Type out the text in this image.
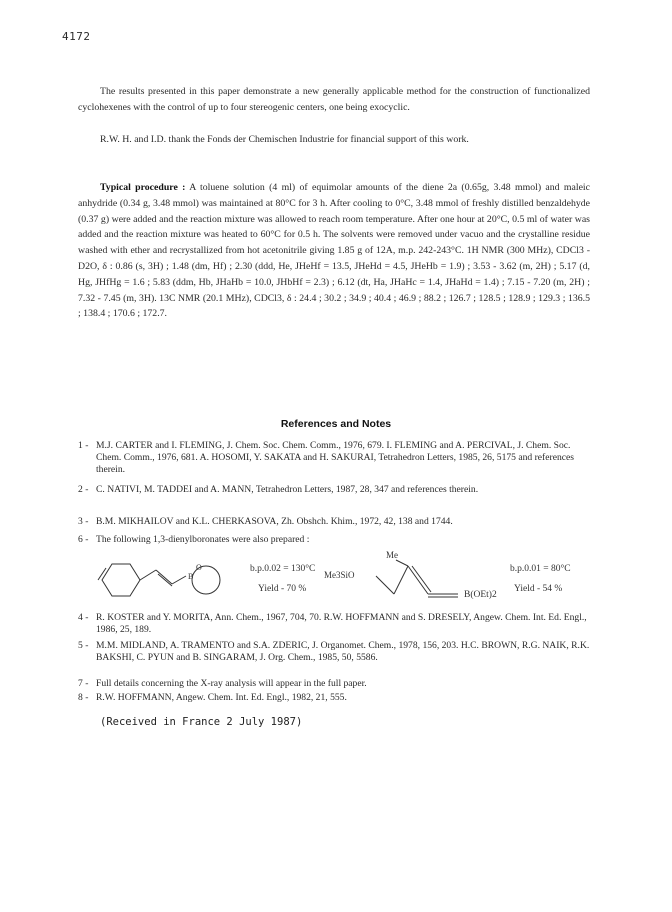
4172

The results presented in this paper demonstrate a new generally applicable method for the construction of functionalized cyclohexenes with the control of up to four stereogenic centers, one being exocyclic.

R.W. H. and I.D. thank the Fonds der Chemischen Industrie for financial support of this work.

Typical procedure : A toluene solution (4 ml) of equimolar amounts of the diene 2a (0.65g, 3.48 mmol) and maleic anhydride (0.34 g, 3.48 mmol) was maintained at 80°C for 3 h. After cooling to 0°C, 3.48 mmol of freshly distilled benzaldehyde (0.37 g) were added and the reaction mixture was allowed to reach room temperature. After one hour at 20°C, 0.5 ml of water was added and the reaction mixture was heated to 60°C for 0.5 h. The solvents were removed under vacuo and the crystalline residue washed with ether and recrystallized from hot acetonitrile giving 1.85 g of 12A, m.p. 242-243°C. 1H NMR (300 MHz), CDCl3 - D2O, δ : 0.86 (s, 3H) ; 1.48 (dm, Hf) ; 2.30 (ddd, He, JHeHf = 13.5, JHeHd = 4.5, JHeHb = 1.9) ; 3.53 - 3.62 (m, 2H) ; 5.17 (d, Hg, JHfHg = 1.6 ; 5.83 (ddm, Hb, JHaHb = 10.0, JHbHf = 2.3) ; 6.12 (dt, Ha, JHaHc = 1.4, JHaHd = 1.4) ; 7.15 - 7.20 (m, 2H) ; 7.32 - 7.45 (m, 3H). 13C NMR (20.1 MHz), CDCl3, δ : 24.4 ; 30.2 ; 34.9 ; 40.4 ; 46.9 ; 88.2 ; 126.7 ; 128.5 ; 128.9 ; 129.3 ; 136.5 ; 138.4 ; 170.6 ; 172.7.

References and Notes
1 - M.J. CARTER and I. FLEMING, J. Chem. Soc. Chem. Comm., 1976, 679. I. FLEMING and A. PERCIVAL, J. Chem. Soc. Chem. Comm., 1976, 681. A. HOSOMI, Y. SAKATA and H. SAKURAI, Tetrahedron Letters, 1985, 26, 5175 and references therein.
2 - C. NATIVI, M. TADDEI and A. MANN, Tetrahedron Letters, 1987, 28, 347 and references therein.
3 - B.M. MIKHAILOV and K.L. CHERKASOVA, Zh. Obshch. Khim., 1972, 42, 138 and 1744.
6 - The following 1,3-dienylboronates were also prepared :
B
O	b.p.0.02 = 130°C
Yield - 70 %
Me
Me3SiO
B(OEt)2
b.p.0.01 = 80°C
Yield - 54 %
4 - R. KOSTER and Y. MORITA, Ann. Chem., 1967, 704, 70. R.W. HOFFMANN and S. DRESELY, Angew. Chem. Int. Ed. Engl., 1986, 25, 189.
5 - M.M. MIDLAND, A. TRAMENTO and S.A. ZDERIC, J. Organomet. Chem., 1978, 156, 203. H.C. BROWN, R.G. NAIK, R.K. BAKSHI, C. PYUN and B. SINGARAM, J. Org. Chem., 1985, 50, 5586.
7 - Full details concerning the X-ray analysis will appear in the full paper.
8 - R.W. HOFFMANN, Angew. Chem. Int. Ed. Engl., 1982, 21, 555.
(Received in France 2 July 1987)
